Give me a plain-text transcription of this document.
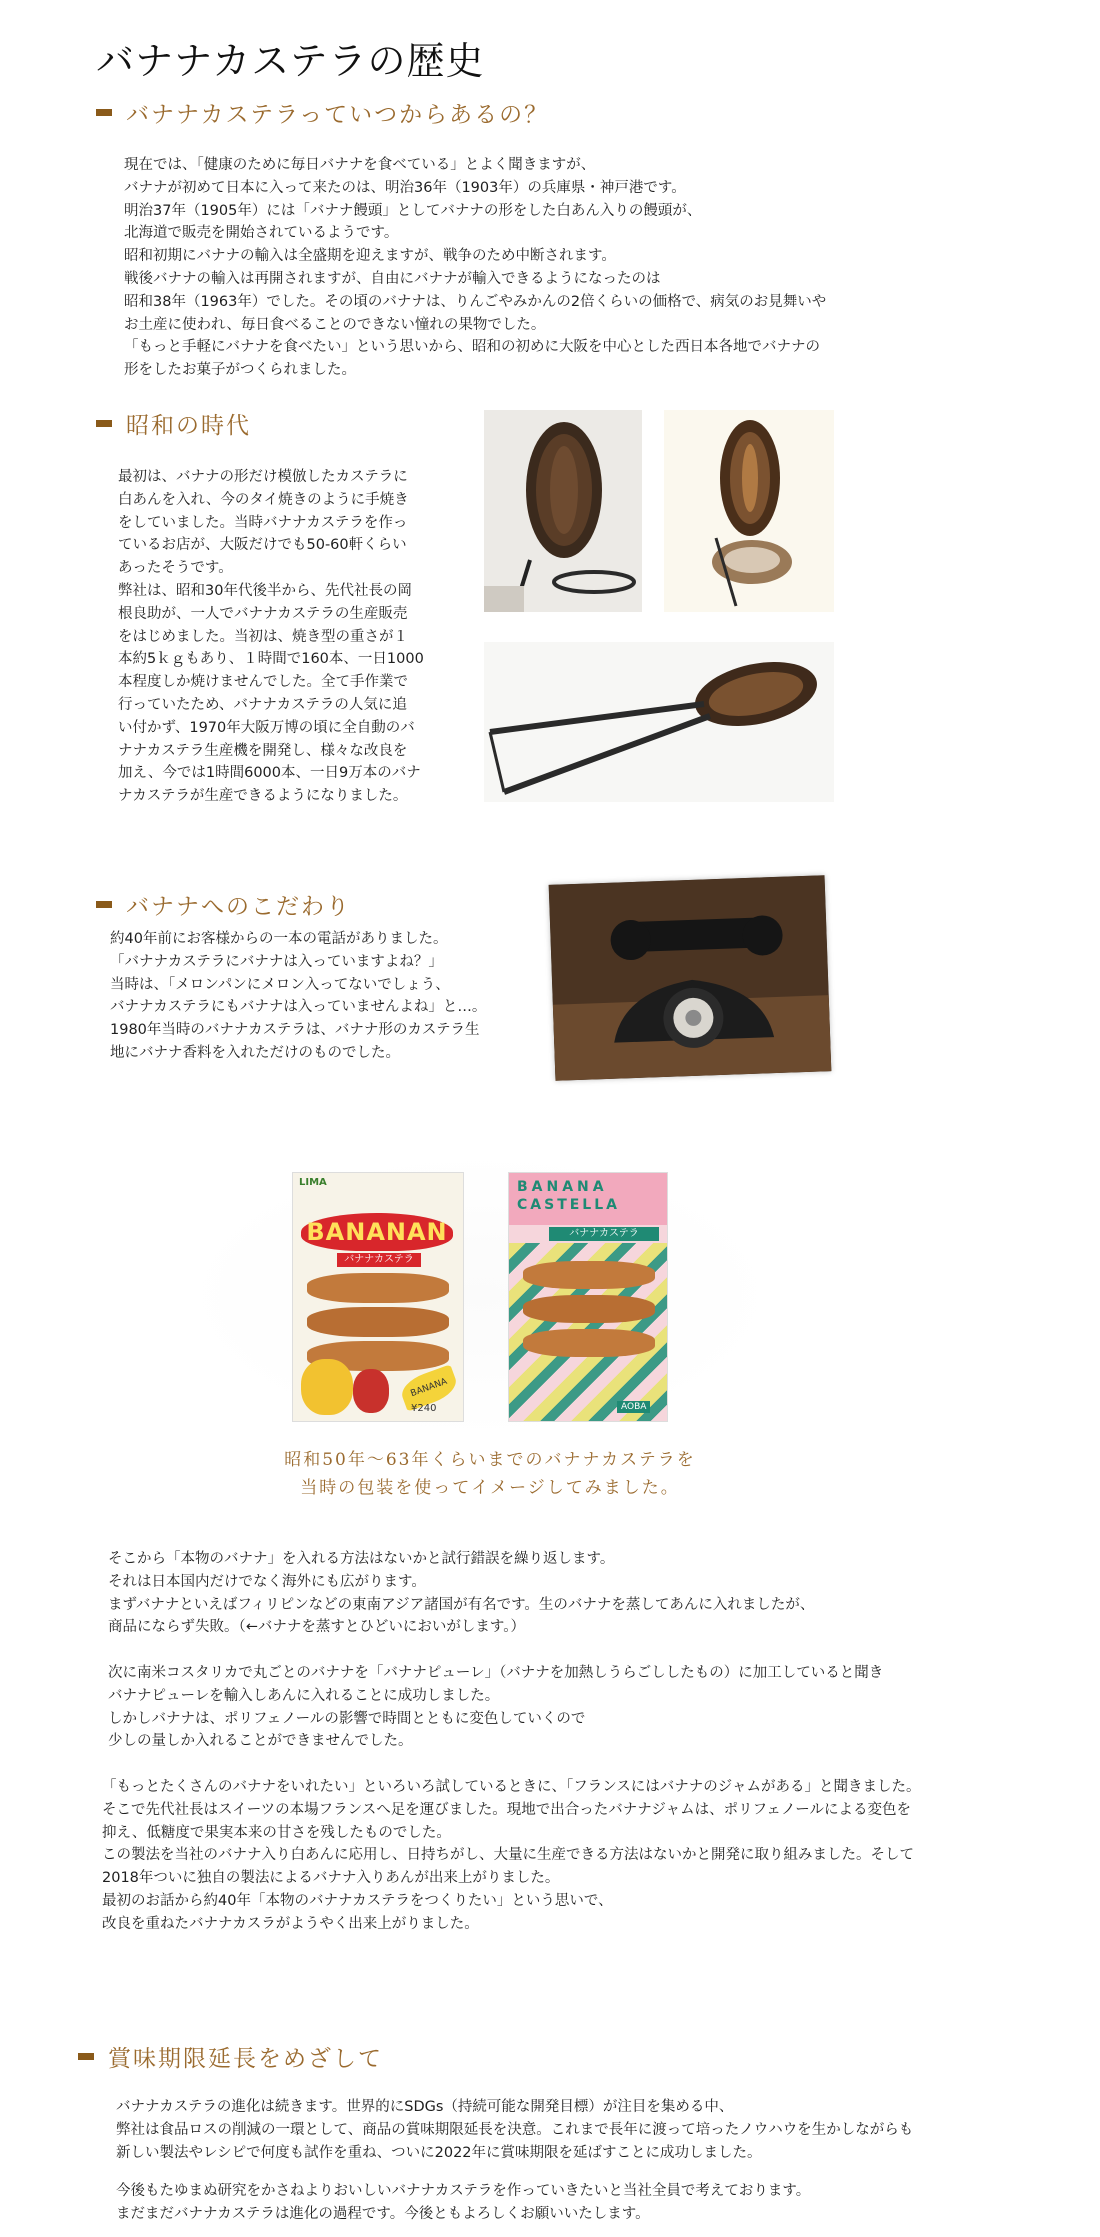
バナナカステラの歴史
バナナカステラっていつからあるの？

現在では、「健康のために毎日バナナを食べている」とよく聞きますが、
バナナが初めて日本に入って来たのは、明治36年（1903年）の兵庫県・神戸港です。
明治37年（1905年）には「バナナ饅頭」としてバナナの形をした白あん入りの饅頭が、
北海道で販売を開始されているようです。
昭和初期にバナナの輸入は全盛期を迎えますが、戦争のため中断されます。
戦後バナナの輸入は再開されますが、自由にバナナが輸入できるようになったのは
昭和38年（1963年）でした。その頃のバナナは、りんごやみかんの2倍くらいの価格で、病気のお見舞いや
お土産に使われ、毎日食べることのできない憧れの果物でした。
「もっと手軽にバナナを食べたい」という思いから、昭和の初めに大阪を中心とした西日本各地でバナナの
形をしたお菓子がつくられました。

昭和の時代

最初は、バナナの形だけ模倣したカステラに
白あんを入れ、今のタイ焼きのように手焼き
をしていました。当時バナナカステラを作っ
ているお店が、大阪だけでも50-60軒くらい
あったそうです。
弊社は、昭和30年代後半から、先代社長の岡
根良助が、一人でバナナカステラの生産販売
をはじめました。当初は、焼き型の重さが１
本約5ｋｇもあり、１時間で160本、一日1000
本程度しか焼けませんでした。全て手作業で
行っていたため、バナナカステラの人気に追
い付かず、1970年大阪万博の頃に全自動のバ
ナナカステラ生産機を開発し、様々な改良を
加え、今では1時間6000本、一日9万本のバナ
ナカステラが生産できるようになりました。

バナナへのこだわり

約40年前にお客様からの一本の電話がありました。
「バナナカステラにバナナは入っていますよね？」
当時は、「メロンパンにメロン入ってないでしょう、
バナナカステラにもバナナは入っていませんよね」と…。
1980年当時のバナナカステラは、バナナ形のカステラ生
地にバナナ香料を入れただけのものでした。

LIMA
BANANAN
バナナカステラ
BANANA
¥240
BANANA
CASTELLA
バナナカステラ
AOBA

昭和50年～63年くらいまでのバナナカステラを
当時の包装を使ってイメージしてみました。

そこから「本物のバナナ」を入れる方法はないかと試行錯誤を繰り返します。
それは日本国内だけでなく海外にも広がります。
まずバナナといえばフィリピンなどの東南アジア諸国が有名です。生のバナナを蒸してあんに入れましたが、
商品にならず失敗。（←バナナを蒸すとひどいにおいがします。）

次に南米コスタリカで丸ごとのバナナを「バナナピューレ」（バナナを加熱しうらごししたもの）に加工していると聞き
バナナピューレを輸入しあんに入れることに成功しました。
しかしバナナは、ポリフェノールの影響で時間とともに変色していくので
少しの量しか入れることができませんでした。

「もっとたくさんのバナナをいれたい」といろいろ試しているときに、「フランスにはバナナのジャムがある」と聞きました。
そこで先代社長はスイーツの本場フランスへ足を運びました。現地で出合ったバナナジャムは、ポリフェノールによる変色を
抑え、低糖度で果実本来の甘さを残したものでした。
この製法を当社のバナナ入り白あんに応用し、日持ちがし、大量に生産できる方法はないかと開発に取り組みました。そして
2018年ついに独自の製法によるバナナ入りあんが出来上がりました。
最初のお話から約40年「本物のバナナカステラをつくりたい」という思いで、
改良を重ねたバナナカスラがようやく出来上がりました。

賞味期限延長をめざして

バナナカステラの進化は続きます。世界的にSDGs（持続可能な開発目標）が注目を集める中、
弊社は食品ロスの削減の一環として、商品の賞味期限延長を決意。これまで長年に渡って培ったノウハウを生かしながらも
新しい製法やレシピで何度も試作を重ね、ついに2022年に賞味期限を延ばすことに成功しました。

今後もたゆまぬ研究をかさねよりおいしいバナナカステラを作っていきたいと当社全員で考えております。
まだまだバナナカステラは進化の過程です。今後ともよろしくお願いいたします。
